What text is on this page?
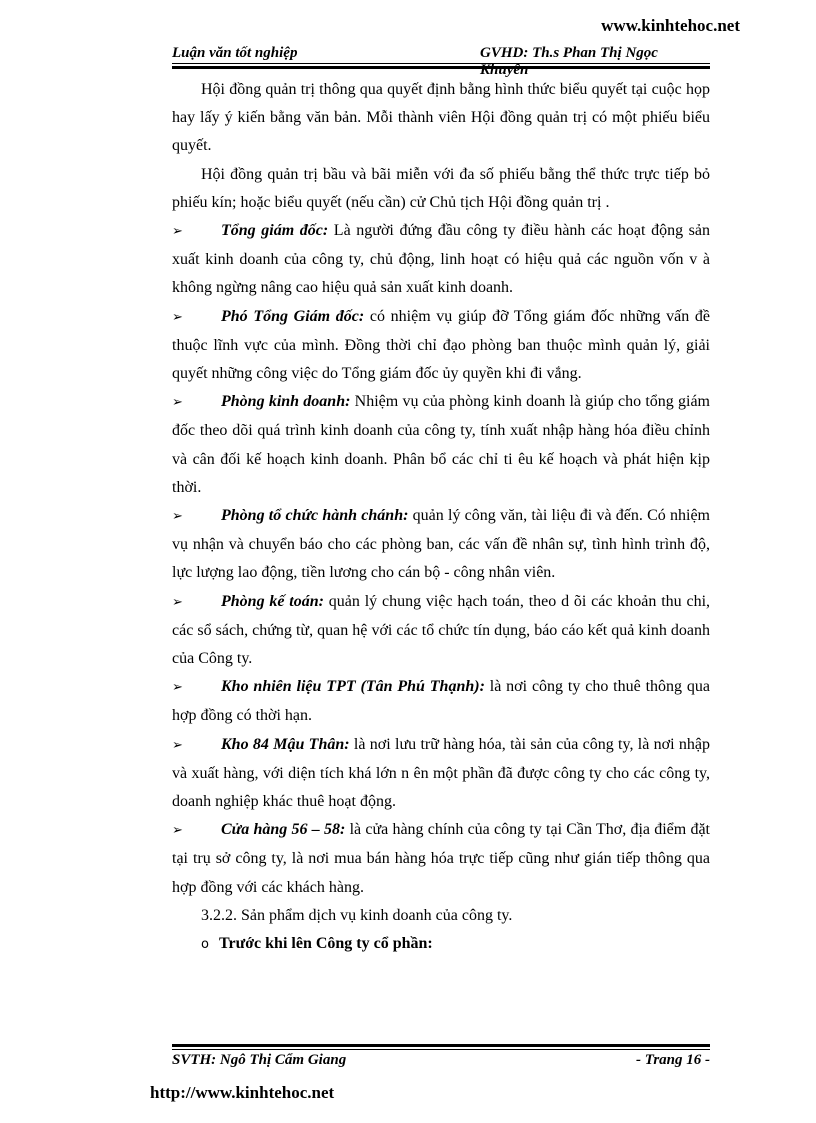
www.kinhtehoc.net
Luận văn tốt nghiệp	GVHD: Th.s Phan Thị Ngọc Khuyên

Hội đồng quản trị thông qua quyết định bằng hình thức biểu quyết tại cuộc họp hay lấy ý kiến bằng văn bản. Mỗi thành viên Hội đồng quản trị có một phiếu biểu quyết.

Hội đồng quản trị bầu và bãi miễn với đa số phiếu bằng thể thức trực tiếp bỏ phiếu kín; hoặc biểu quyết (nếu cần) cử Chủ tịch Hội đồng quản trị .

➢ Tổng giám đốc: Là người đứng đầu công ty điều hành các hoạt động sản xuất kinh doanh của công ty, chủ động, linh hoạt có hiệu quả các nguồn vốn v à không ngừng nâng cao hiệu quả sản xuất kinh doanh.

➢ Phó Tổng Giám đốc: có nhiệm vụ giúp đỡ Tổng giám đốc những vấn đề thuộc lĩnh vực của mình. Đồng thời chỉ đạo phòng ban thuộc mình quản lý, giải quyết những công việc do Tổng giám đốc ủy quyền khi đi vắng.

➢ Phòng kinh doanh: Nhiệm vụ của phòng kinh doanh là giúp cho tổng giám đốc theo dõi quá trình kinh doanh của công ty, tính xuất nhập hàng hóa điều chỉnh và cân đối kế hoạch kinh doanh. Phân bổ các chỉ ti êu kế hoạch và phát hiện kịp thời.

➢ Phòng tổ chức hành chánh: quản lý công văn, tài liệu đi và đến. Có nhiệm vụ nhận và chuyển báo cho các phòng ban, các vấn đề nhân sự, tình hình trình độ, lực lượng lao động, tiền lương cho cán bộ - công nhân viên.

➢ Phòng kế toán: quản lý chung việc hạch toán, theo d õi các khoản thu chi, các sổ sách, chứng từ, quan hệ với các tổ chức tín dụng, báo cáo kết quả kinh doanh của Công ty.

➢ Kho nhiên liệu TPT (Tân Phú Thạnh): là nơi công ty cho thuê thông qua hợp đồng có thời hạn.

➢ Kho 84 Mậu Thân: là nơi lưu trữ hàng hóa, tài sản của công ty, là nơi nhập và xuất hàng, với diện tích khá lớn n ên một phần đã được công ty cho các công ty, doanh nghiệp khác thuê hoạt động.

➢ Cửa hàng 56 – 58: là cửa hàng chính của công ty tại Cần Thơ, địa điểm đặt tại trụ sở công ty, là nơi mua bán hàng hóa trực tiếp cũng như gián tiếp thông qua hợp đồng với các khách hàng.

3.2.2. Sản phẩm dịch vụ kinh doanh của công ty.

o Trước khi lên Công ty cổ phần:

SVTH: Ngô Thị Cẩm Giang	- Trang 16 -
http://www.kinhtehoc.net
